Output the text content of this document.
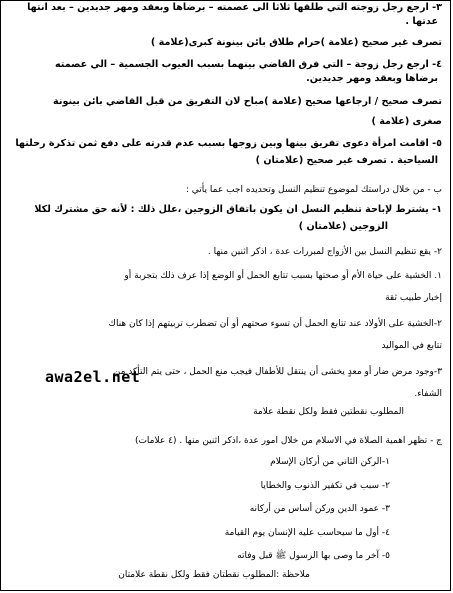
٣- ارجع رجل زوجته التي طلقها ثلاثا الى عصمته – برضاها وبعقد ومهر جديدين – بعد انتها
عدتها .
تصرف غير صحيح (علامة )حرام طلاق بائن بينونة كبرى(علامة )
٤- ارجع رجل زوجة – التي فرق القاضي بينهما بسبب العيوب الجسمية – الي عصمته
برضاها وبعقد ومهر جديدين.
تصرف صحيح / ارجاعها صحيح (علامة )مباح لان التفريق من قبل القاضي بائن بينونة
صغرى (علامة )
٥- اقامت امرأة دعوى تفريق بينها وبين زوجها بسبب عدم قدرته على دفع ثمن تذكرة رحلتها
السياحية . تصرف غير صحيح (علامتان )
ب - من خلال دراستك لموضوع تنظيم النسل وتحديده اجب عما يأتي :
١- يشترط لإباحة تنظيم النسل ان يكون باتفاق الزوجين ،علل ذلك : لأنه حق مشترك لكلا
الزوجين (علامتان )
٢- يقع تنظيم النسل بين الأزواج لمبررات عدة ، اذكر اثنين منها .
١. الخشية على حياة الأم أو صحتها بسبب تتابع الحمل أو الوضع إذا عرف ذلك بتجربة أو
إخبار طبيب ثقة
٢-الخشية على الأولاد عند تتابع الحمل أن تسوء صحتهم أو أن تضطرب تربيتهم إذا كان هناك
تتابع في المواليد
٣-وجود مرض ضار أو معدٍ يخشى أن ينتقل للأطفال فيجب منع الحمل ، حتى يتم التأكد من
الشفاء.
awa2el.net
المطلوب نقطتين فقط ولكل نقطة علامة
ج - تظهر اهمية الصلاة في الاسلام من خلال امور عدة ،اذكر اثنين منها . (٤ علامات)
١-الركن الثاني من أركان الإسلام
٢- سبب في تكفير الذنوب والخطايا
٣- عمود الدين وركن أساس من أركانه
٤- أول ما سيحاسب عليه الإنسان يوم القيامة
٥- آخر ما وصى بها الرسول ﷺ قبل وفاته
ملاحظة :المطلوب نقطتان فقط ولكل نقطة علامتان
